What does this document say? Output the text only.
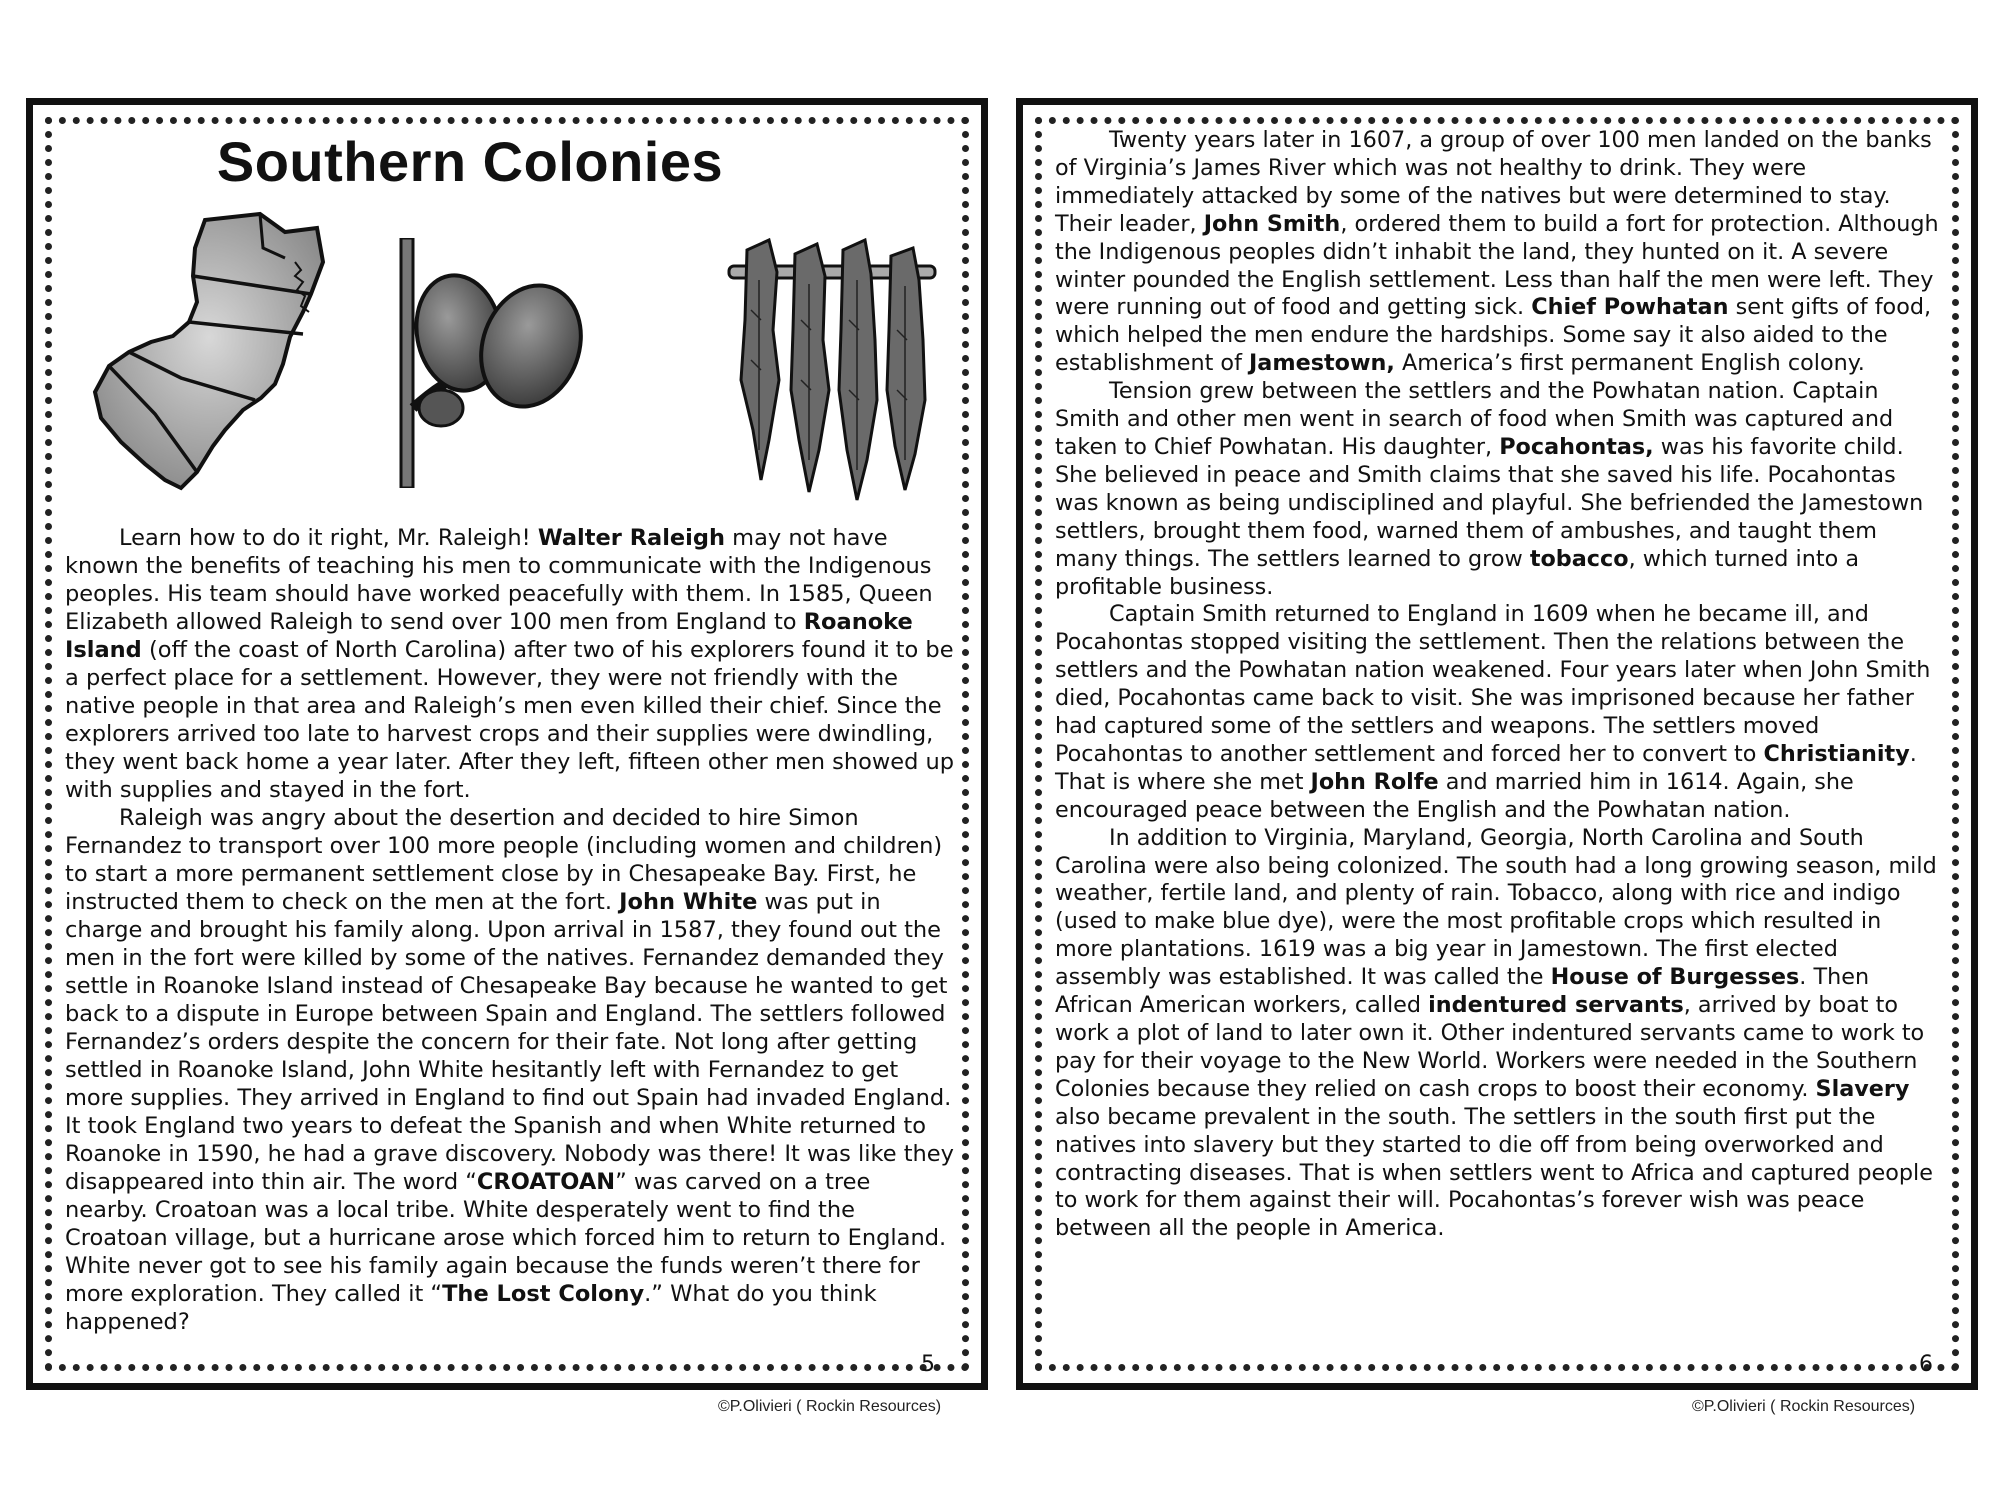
Southern Colonies

Learn how to do it right, Mr. Raleigh! Walter Raleigh may not have known the benefits of teaching his men to communicate with the Indigenous peoples. His team should have worked peacefully with them. In 1585, Queen Elizabeth allowed Raleigh to send over 100 men from England to Roanoke Island (off the coast of North Carolina) after two of his explorers found it to be a perfect place for a settlement. However, they were not friendly with the native people in that area and Raleigh’s men even killed their chief. Since the explorers arrived too late to harvest crops and their supplies were dwindling, they went back home a year later. After they left, fifteen other men showed up with supplies and stayed in the fort.

Raleigh was angry about the desertion and decided to hire Simon Fernandez to transport over 100 more people (including women and children) to start a more permanent settlement close by in Chesapeake Bay. First, he instructed them to check on the men at the fort. John White was put in charge and brought his family along. Upon arrival in 1587, they found out the men in the fort were killed by some of the natives. Fernandez demanded they settle in Roanoke Island instead of Chesapeake Bay because he wanted to get back to a dispute in Europe between Spain and England. The settlers followed Fernandez’s orders despite the concern for their fate. Not long after getting settled in Roanoke Island, John White hesitantly left with Fernandez to get more supplies. They arrived in England to find out Spain had invaded England. It took England two years to defeat the Spanish and when White returned to Roanoke in 1590, he had a grave discovery. Nobody was there! It was like they disappeared into thin air. The word “CROATOAN” was carved on a tree nearby. Croatoan was a local tribe. White desperately went to find the Croatoan village, but a hurricane arose which forced him to return to England. White never got to see his family again because the funds weren’t there for more exploration. They called it “The Lost Colony.” What do you think happened?

5
©P.Olivieri ( Rockin Resources)

Twenty years later in 1607, a group of over 100 men landed on the banks of Virginia’s James River which was not healthy to drink. They were immediately attacked by some of the natives but were determined to stay. Their leader, John Smith, ordered them to build a fort for protection. Although the Indigenous peoples didn’t inhabit the land, they hunted on it. A severe winter pounded the English settlement. Less than half the men were left. They were running out of food and getting sick. Chief Powhatan sent gifts of food, which helped the men endure the hardships. Some say it also aided to the establishment of Jamestown, America’s first permanent English colony.

Tension grew between the settlers and the Powhatan nation. Captain Smith and other men went in search of food when Smith was captured and taken to Chief Powhatan. His daughter, Pocahontas, was his favorite child. She believed in peace and Smith claims that she saved his life. Pocahontas was known as being undisciplined and playful. She befriended the Jamestown settlers, brought them food, warned them of ambushes, and taught them many things. The settlers learned to grow tobacco, which turned into a profitable business.

Captain Smith returned to England in 1609 when he became ill, and Pocahontas stopped visiting the settlement. Then the relations between the settlers and the Powhatan nation weakened. Four years later when John Smith died, Pocahontas came back to visit. She was imprisoned because her father had captured some of the settlers and weapons. The settlers moved Pocahontas to another settlement and forced her to convert to Christianity. That is where she met John Rolfe and married him in 1614. Again, she encouraged peace between the English and the Powhatan nation.

In addition to Virginia, Maryland, Georgia, North Carolina and South Carolina were also being colonized. The south had a long growing season, mild weather, fertile land, and plenty of rain. Tobacco, along with rice and indigo (used to make blue dye), were the most profitable crops which resulted in more plantations. 1619 was a big year in Jamestown. The first elected assembly was established. It was called the House of Burgesses. Then African American workers, called indentured servants, arrived by boat to work a plot of land to later own it. Other indentured servants came to work to pay for their voyage to the New World. Workers were needed in the Southern Colonies because they relied on cash crops to boost their economy. Slavery also became prevalent in the south. The settlers in the south first put the natives into slavery but they started to die off from being overworked and contracting diseases. That is when settlers went to Africa and captured people to work for them against their will. Pocahontas’s forever wish was peace between all the people in America.

6
©P.Olivieri ( Rockin Resources)
